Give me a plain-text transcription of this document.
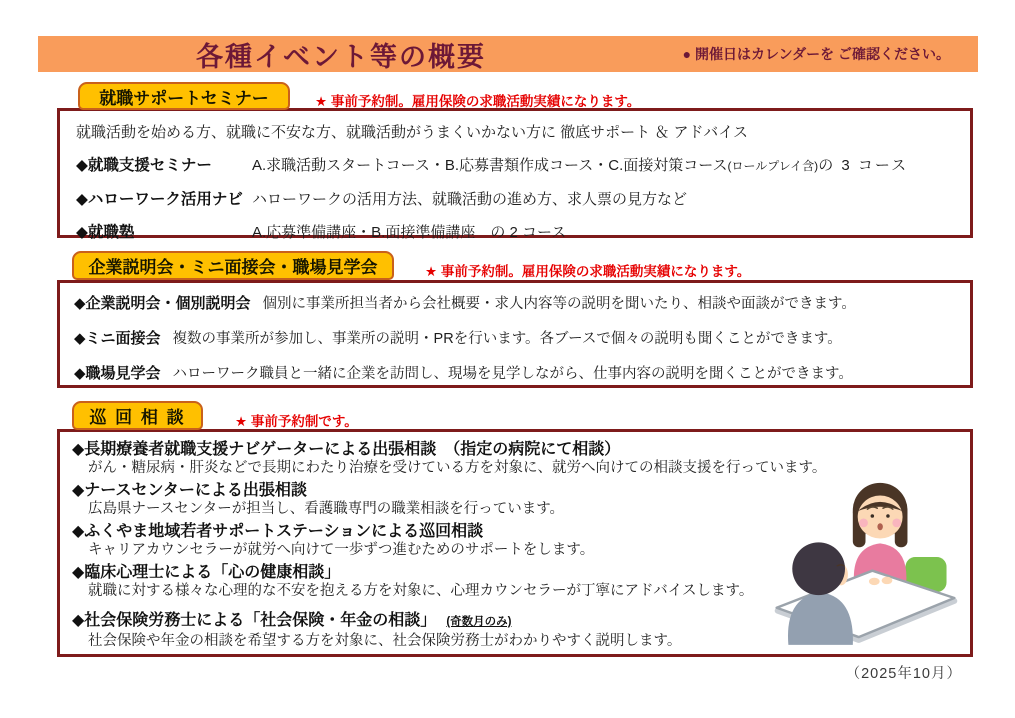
各種イベント等の概要	● 開催日はカレンダーを ご確認ください。
就職サポートセミナー	★ 事前予約制。雇用保険の求職活動実績になります。

就職活動を始める方、就職に不安な方、就職活動がうまくいかない方に 徹底サポート ＆ アドバイス

◆就職支援セミナー	A.求職活動スタートコース・B.応募書類作成コース・C.面接対策コース(ロールプレイ含)の 3 コース
◆ハローワーク活用ナビ ハローワークの活用方法、就職活動の進め方、求人票の見方など
◆就職塾	A.応募準備講座・B.面接準備講座　の 2 コース
企業説明会・ミニ面接会・職場見学会	★ 事前予約制。雇用保険の求職活動実績になります。

◆企業説明会・個別説明会 個別に事業所担当者から会社概要・求人内容等の説明を聞いたり、相談や面談ができます。

◆ミニ面接会 複数の事業所が参加し、事業所の説明・PRを行います。各ブースで個々の説明も聞くことができます。

◆職場見学会 ハローワーク職員と一緒に企業を訪問し、現場を見学しながら、仕事内容の説明を聞くことができます。

巡 回 相 談	★ 事前予約制です。

◆長期療養者就職支援ナビゲーターによる出張相談　（指定の病院にて相談）

がん・糖尿病・肝炎などで長期にわたり治療を受けている方を対象に、就労へ向けての相談支援を行っています。

◆ナースセンターによる出張相談

広島県ナースセンターが担当し、看護職専門の職業相談を行っています。

◆ふくやま地域若者サポートステーションによる巡回相談

キャリアカウンセラーが就労へ向けて一歩ずつ進むためのサポートをします。

◆臨床心理士による「心の健康相談」

就職に対する様々な心理的な不安を抱える方を対象に、心理カウンセラーが丁寧にアドバイスします。

◆社会保険労務士による「社会保険・年金の相談」 (奇数月のみ)

社会保険や年金の相談を希望する方を対象に、社会保険労務士がわかりやすく説明します。

（2025年10月）
